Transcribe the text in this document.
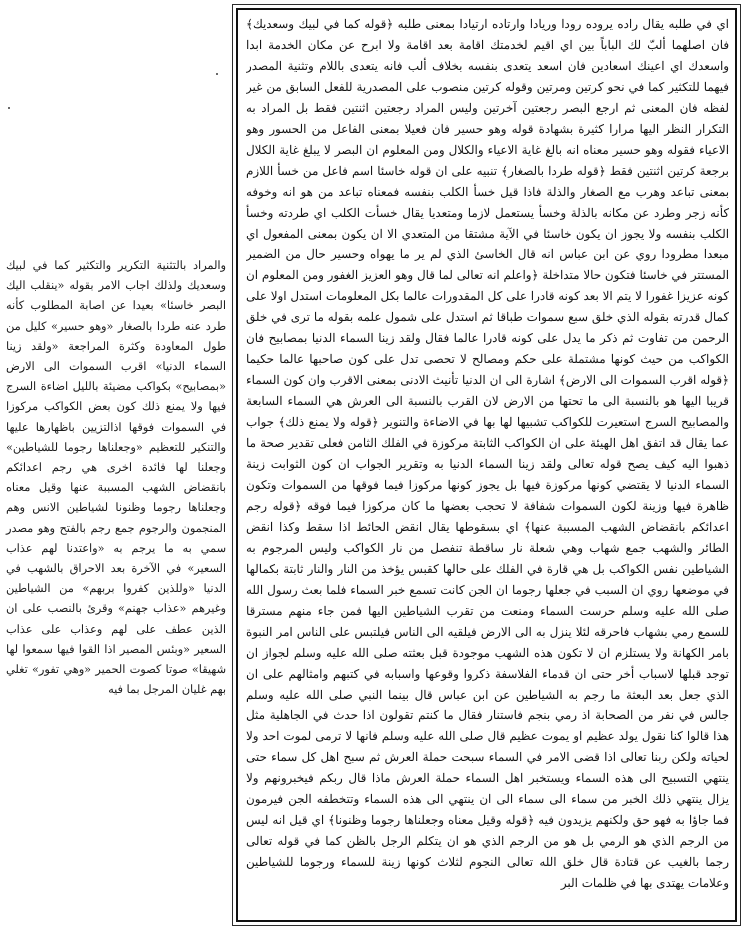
والمراد بالتثنية التكرير والتكثير كما في لبيك وسعديك ولذلك اجاب الامر بقوله «ينقلب اليك البصر خاسئا» بعيدا عن اصابة المطلوب كأنه طرد عنه طردا بالصغار «وهو حسير» كليل من طول المعاودة وكثرة المراجعة «ولقد زينا السماء الدنيا» اقرب السموات الى الارض «بمصابيح» بكواكب مضيئة بالليل اضاءة السرج فيها ولا يمنع ذلك كون بعض الكواكب مركوزا في السموات فوقها اذالتزيين باظهارها عليها والتنكير للتعظيم «وجعلناها رجوما للشياطين» وجعلنا لها فائدة اخرى هي رجم اعدائكم بانقضاض الشهب المسببة عنها وقيل معناه وجعلناها رجوما وظنونا لشياطين الانس وهم المنجمون والرجوم جمع رجم بالفتح وهو مصدر سمي به ما يرجم به «واعتدنا لهم عذاب السعير» في الآخرة بعد الاحراق بالشهب في الدنيا «وللذين كفروا بربهم» من الشياطين وغيرهم «عذاب جهنم» وقرئ بالنصب على ان الذين عطف على لهم وعذاب على عذاب السعير «وبئس المصير اذا القوا فيها سمعوا لها شهيقا» صوتا كصوت الحمير «وهي تفور» تغلي بهم غليان المرجل بما فيه

اي في طلبه يقال راده يروده رودا وريادا وارتاده ارتيادا بمعنى طلبه ﴿قوله كما في لبيك وسعديك﴾ فان اصلهما ألبّ لك الباباً بين اي اقيم لخدمتك اقامة بعد اقامة ولا ابرح عن مكان الخدمة ابدا واسعدك اي اعينك اسعادين فان اسعد يتعدى بنفسه بخلاف ألب فانه يتعدى باللام وتثنية المصدر فيهما للتكثير كما في نحو كرتين ومرتين وقوله كرتين منصوب على المصدرية للفعل السابق من غير لفظه فان المعنى ثم ارجع البصر رجعتين آخرتين وليس المراد رجعتين اثنتين فقط بل المراد به التكرار النظر اليها مرارا كثيرة بشهادة قوله وهو حسير فان فعيلا بمعنى الفاعل من الحسور وهو الاعياء فقوله وهو حسير معناه انه بالغ غاية الاعياء والكلال ومن المعلوم ان البصر لا يبلغ غاية الكلال برجعة كرتين اثنتين فقط ﴿قوله طردا بالصغار﴾ تنبيه على ان قوله خاسئا اسم فاعل من خسأ اللازم بمعنى تباعد وهرب مع الصغار والذلة فاذا قيل خسأ الكلب بنفسه فمعناه تباعد من هو انه وخوفه كأنه زجر وطرد عن مكانه بالذلة وخسأ يستعمل لازما ومتعديا يقال خسأت الكلب اي طردته وخسأ الكلب بنفسه ولا يجوز ان يكون خاسئا في الآية مشتقا من المتعدي الا ان يكون بمعنى المفعول اي مبعدا مطرودا روي عن ابن عباس انه قال الخاسئ الذي لم ير ما يهواه وحسير حال من الضمير المستتر في خاسئا فتكون حالا متداخلة ﴿واعلم انه تعالى لما قال وهو العزيز الغفور ومن المعلوم ان كونه عزيزا غفورا لا يتم الا بعد كونه قادرا على كل المقدورات عالما بكل المعلومات استدل اولا على كمال قدرته بقوله الذي خلق سبع سموات طباقا ثم استدل على شمول علمه بقوله ما ترى في خلق الرحمن من تفاوت ثم ذكر ما يدل على كونه قادرا عالما فقال ولقد زينا السماء الدنيا بمصابيح فان الكواكب من حيث كونها مشتملة على حكم ومصالح لا تحصى تدل على كون صاحبها عالما حكيما ﴿قوله اقرب السموات الى الارض﴾ اشارة الى ان الدنيا تأنيث الادنى بمعنى الاقرب وان كون السماء قريبا اليها هو بالنسبة الى ما تحتها من الارض لان القرب بالنسبة الى العرش هي السماء السابعة والمصابيح السرج استعيرت للكواكب تشبيها لها بها في الاضاءة والتنوير ﴿قوله ولا يمنع ذلك﴾ جواب عما يقال قد اتفق اهل الهيئة على ان الكواكب الثابتة مركوزة في الفلك الثامن فعلى تقدير صحة ما ذهبوا اليه كيف يصح قوله تعالى ولقد زينا السماء الدنيا به وتقرير الجواب ان كون الثوابت زينة السماء الدنيا لا يقتضي كونها مركوزة فيها بل يجوز كونها مركوزا فيما فوقها من السموات وتكون ظاهرة فيها وزينة لكون السموات شفافة لا تحجب بعضها ما كان مركوزا فيما فوقه ﴿قوله رجم اعدائكم بانقضاض الشهب المسببة عنها﴾ اي بسقوطها يقال انقض الحائط اذا سقط وكذا انقض الطائر والشهب جمع شهاب وهي شعلة نار ساقطة تنفصل من نار الكواكب وليس المرجوم به الشياطين نفس الكواكب بل هي قارة في الفلك على حالها كقبس يؤخذ من النار والنار ثابتة بكمالها في موضعها روي ان السبب في جعلها رجوما ان الجن كانت تسمع خبر السماء فلما بعث رسول الله صلى الله عليه وسلم حرست السماء ومنعت من تقرب الشياطين اليها فمن جاء منهم مسترقا للسمع رمي بشهاب فاحرقه لئلا ينزل به الى الارض فيلقيه الى الناس فيلتبس على الناس امر النبوة بامر الكهانة ولا يستلزم ان لا تكون هذه الشهب موجودة قبل بعثته صلى الله عليه وسلم لجواز ان توجد قبلها لاسباب أخر حتى ان قدماء الفلاسفة ذكروا وقوعها واسبابه في كتبهم وامثالهم على ان الذي جعل بعد البعثة ما رجم به الشياطين عن ابن عباس قال بينما النبي صلى الله عليه وسلم جالس في نفر من الصحابة اذ رمي بنجم فاستنار فقال ما كنتم تقولون اذا حدث في الجاهلية مثل هذا قالوا كنا نقول يولد عظيم او يموت عظيم قال صلى الله عليه وسلم فانها لا ترمى لموت احد ولا لحياته ولكن ربنا تعالى اذا قضى الامر في السماء سبحت حملة العرش ثم سبح اهل كل سماء حتى ينتهي التسبيح الى هذه السماء ويستخبر اهل السماء حملة العرش ماذا قال ربكم فيخبرونهم ولا يزال ينتهي ذلك الخبر من سماء الى سماء الى ان ينتهي الى هذه السماء وتتخطفه الجن فيرمون فما جاؤا به فهو حق ولكنهم يزيدون فيه ﴿قوله وقيل معناه وجعلناها رجوما وظنونا﴾ اي قيل انه ليس من الرجم الذي هو الرمي بل هو من الرجم الذي هو ان يتكلم الرجل بالظن كما في قوله تعالى رجما بالغيب عن قتادة قال خلق الله تعالى النجوم لثلاث كونها زينة للسماء ورجوما للشياطين وعلامات يهتدى بها في ظلمات البر
